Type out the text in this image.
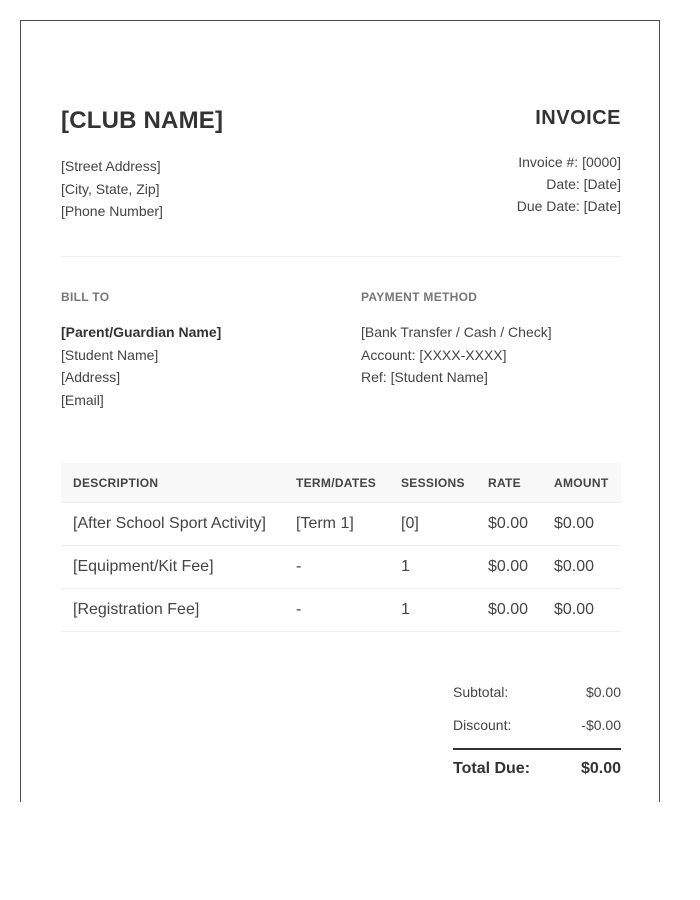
[CLUB NAME]	INVOICE
[Street Address]
[City, State, Zip]
[Phone Number]
Invoice #: [0000]
Date: [Date]
Due Date: [Date]
BILL TO	PAYMENT METHOD
[Parent/Guardian Name]
[Student Name]
[Address]
[Email]
[Bank Transfer / Cash / Check]
Account: [XXXX-XXXX]
Ref: [Student Name]
DESCRIPTION	TERM/DATES	SESSIONS	RATE	AMOUNT
[After School Sport Activity]	[Term 1]	[0]	$0.00	$0.00
[Equipment/Kit Fee]	-	1	$0.00	$0.00
[Registration Fee]	-	1	$0.00	$0.00
Subtotal:	$0.00
Discount:	-$0.00
Total Due:	$0.00
